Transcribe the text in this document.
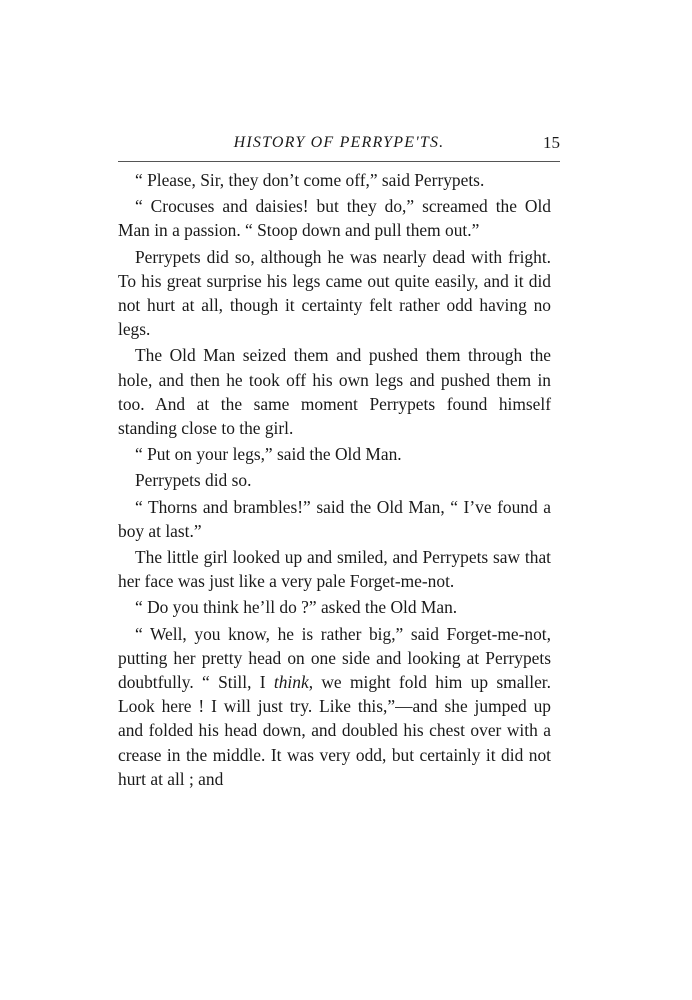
HISTORY OF PERRYPE'TS.	15

“ Please, Sir, they don’t come off,” said Perrypets.

“ Crocuses and daisies! but they do,” screamed the Old Man in a passion. “ Stoop down and pull them out.”

Perrypets did so, although he was nearly dead with fright. To his great surprise his legs came out quite easily, and it did not hurt at all, though it certainty felt rather odd having no legs.

The Old Man seized them and pushed them through the hole, and then he took off his own legs and pushed them in too. And at the same moment Perrypets found himself standing close to the girl.

“ Put on your legs,” said the Old Man.

Perrypets did so.

“ Thorns and brambles!” said the Old Man, “ I’ve found a boy at last.”

The little girl looked up and smiled, and Perrypets saw that her face was just like a very pale Forget-me-not.

“ Do you think he’ll do ?” asked the Old Man.

“ Well, you know, he is rather big,” said Forget-me-not, putting her pretty head on one side and looking at Perrypets doubtfully. “ Still, I think, we might fold him up smaller. Look here ! I will just try. Like this,”—and she jumped up and folded his head down, and doubled his chest over with a crease in the middle. It was very odd, but certainly it did not hurt at all ; and
